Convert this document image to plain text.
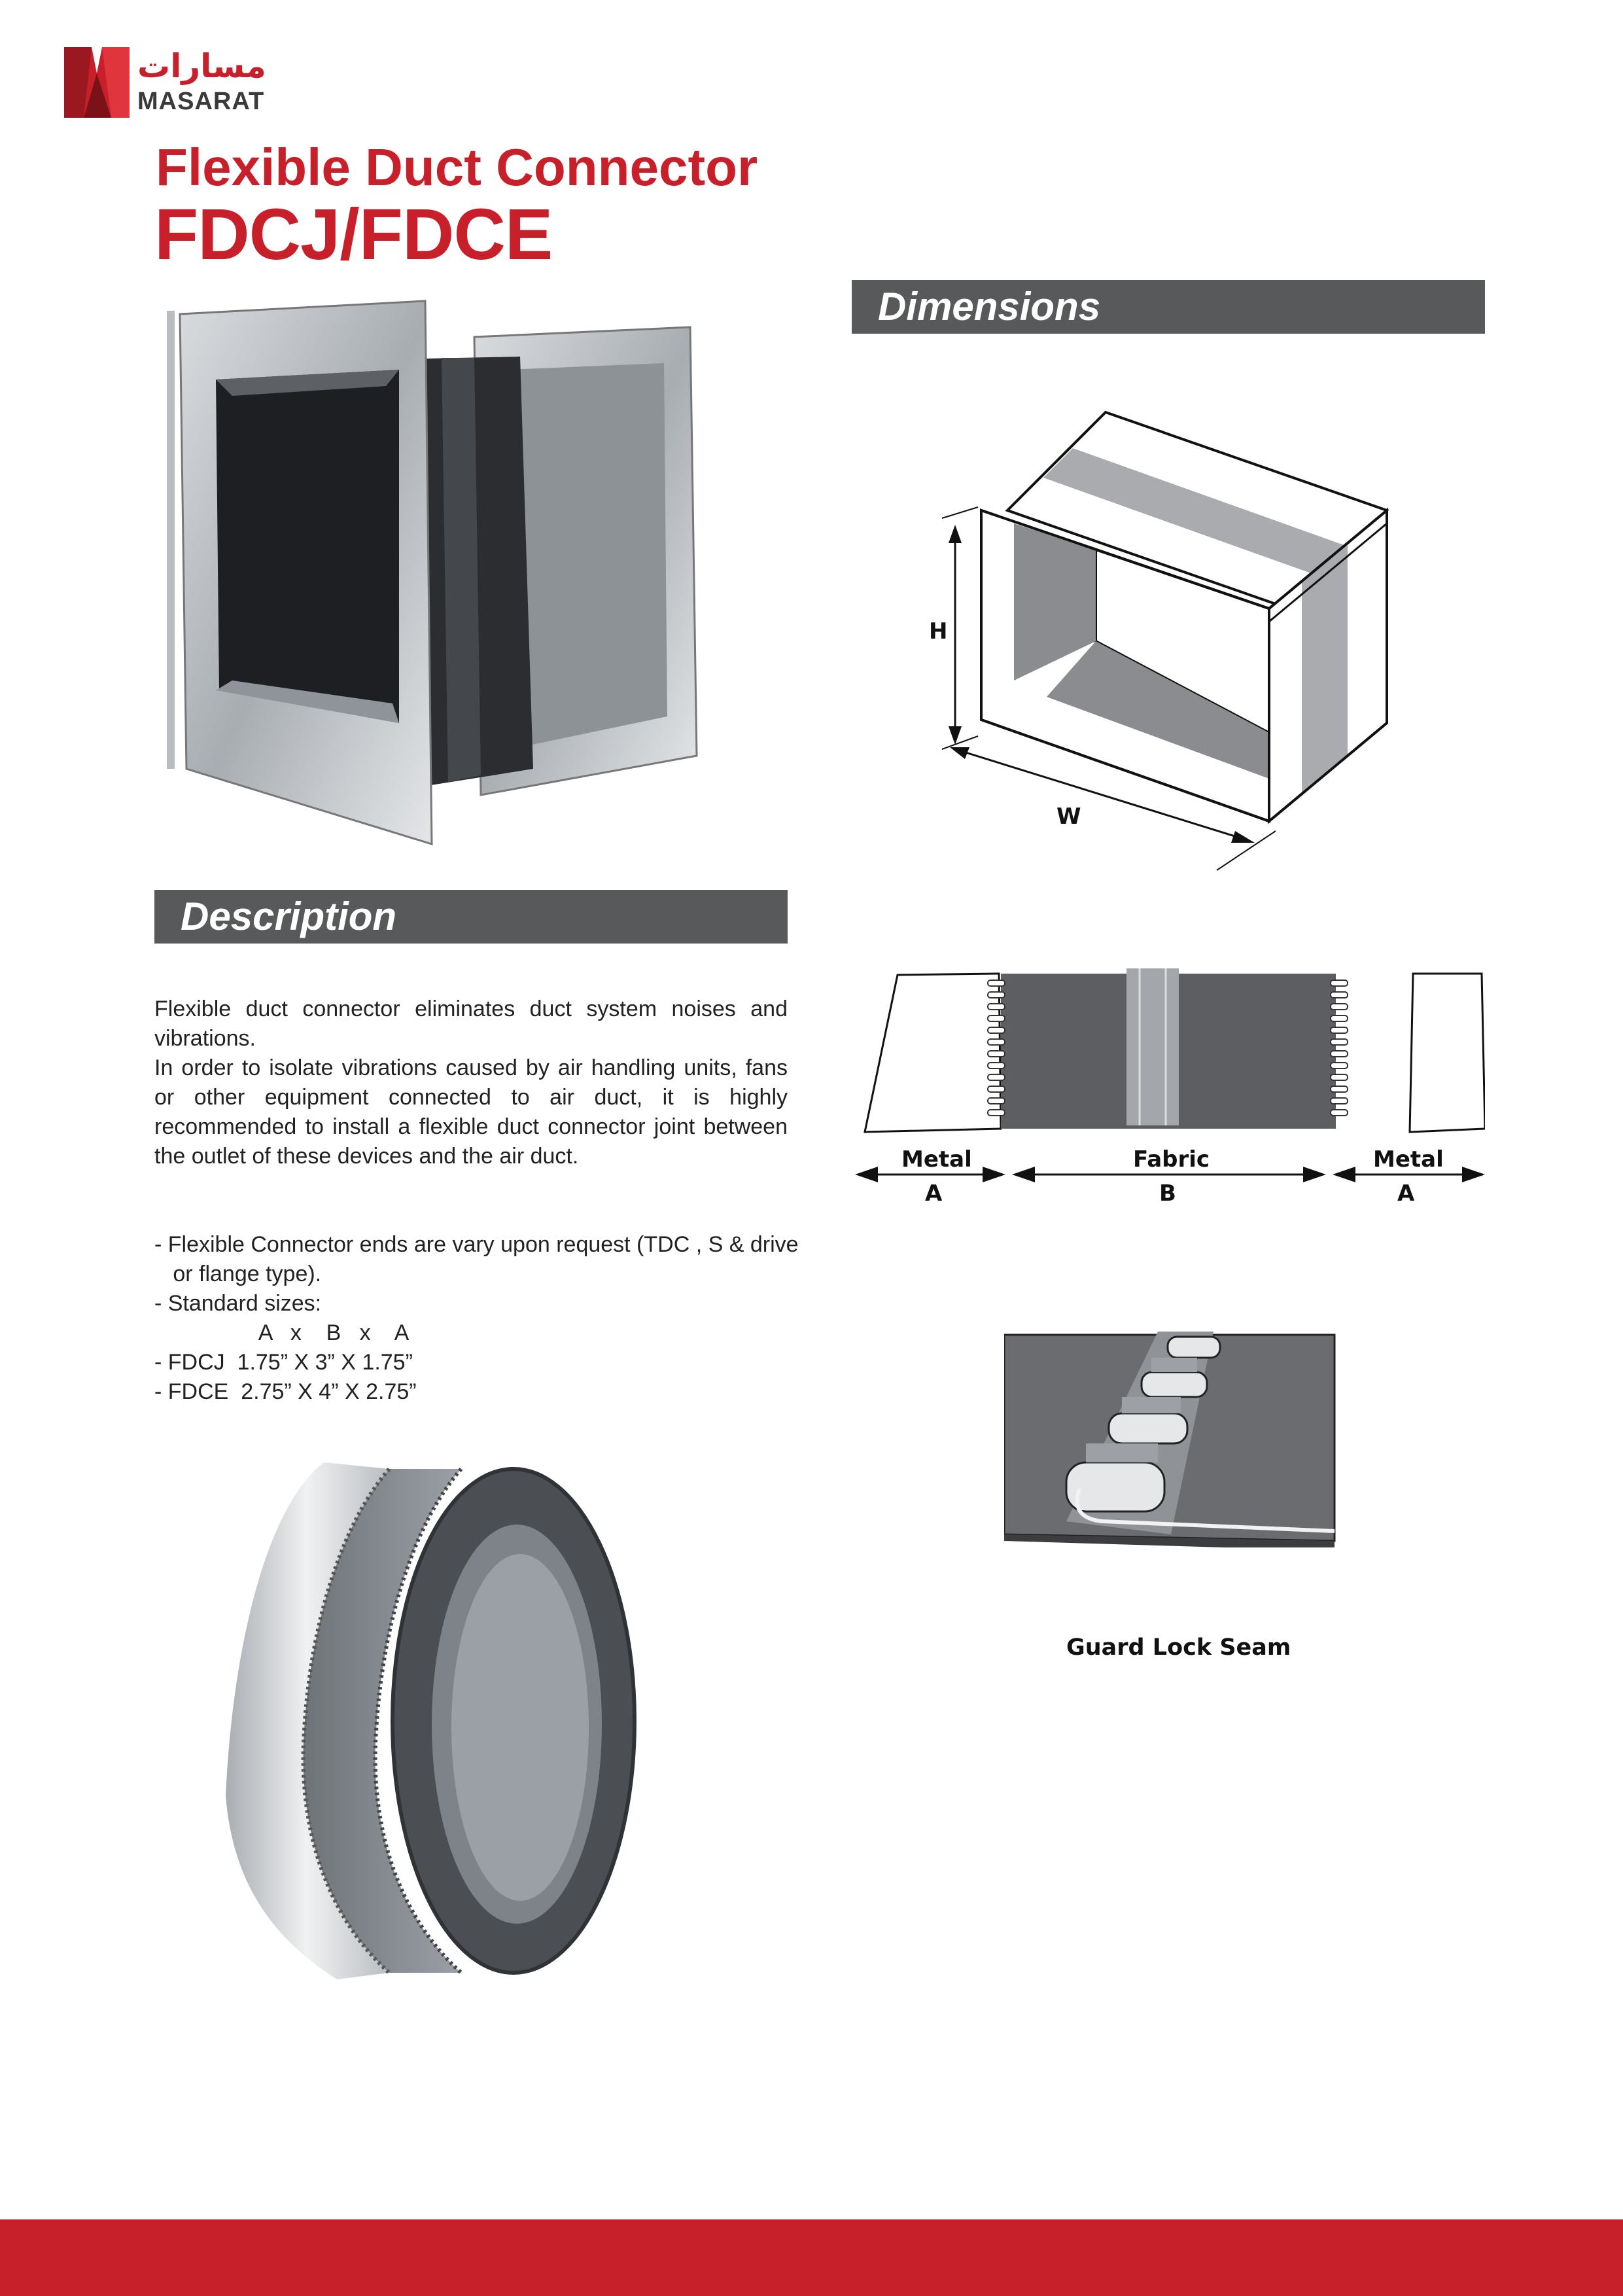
مسارات
MASARAT
Flexible Duct Connector
FDCJ/FDCE
Dimensions
H
W
Description

Flexible duct connector eliminates duct system noises and vibrations.

In order to isolate vibrations caused by air handling units, fans or other equipment connected to air duct, it is highly recommended to install a flexible duct connector joint between the outlet of these devices and the air duct.

- Flexible Connector ends are vary upon request (TDC , S & drive
or flange type).
- Standard sizes:
A   x    B   x    A
- FDCJ  1.75” X 3” X 1.75”
- FDCE  2.75” X 4” X 2.75”
Metal
A
Fabric
B
Metal
A
Guard Lock Seam
